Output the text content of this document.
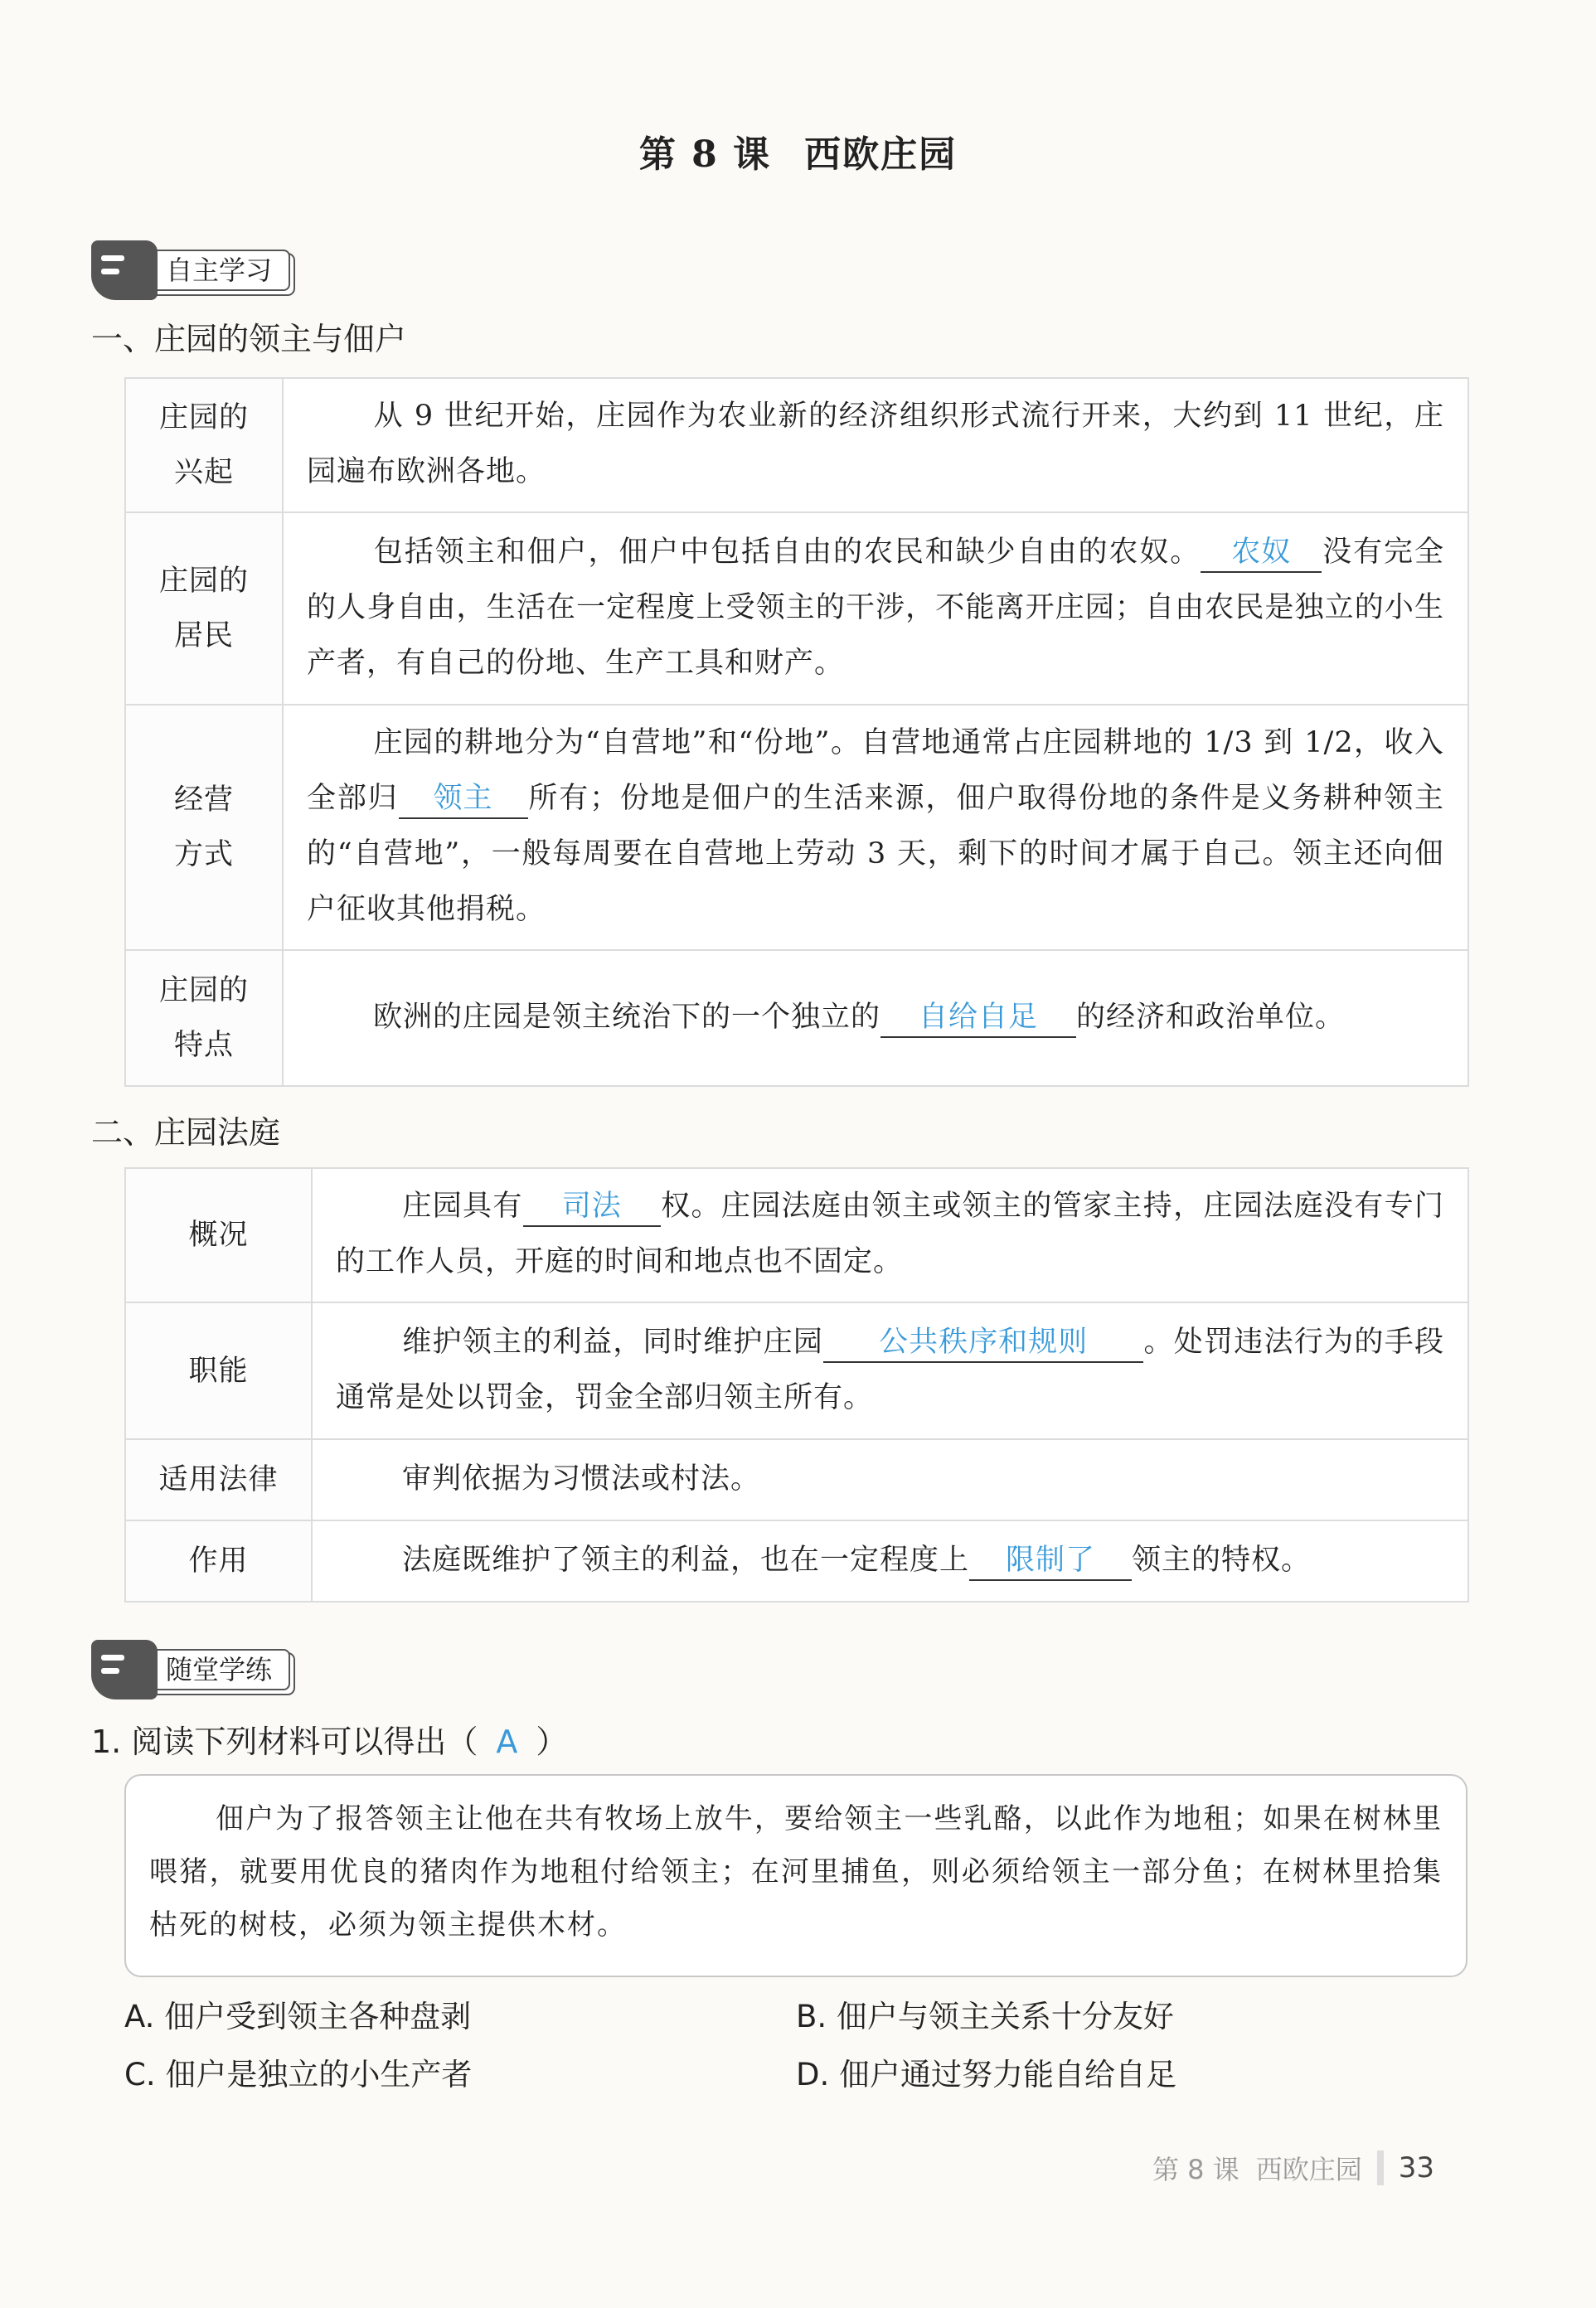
第 8 课 西欧庄园
自主学习
一、庄园的领主与佃户
庄园的
兴起	从 9 世纪开始，庄园作为农业新的经济组织形式流行开来，大约到 11 世纪，庄园遍布欧洲各地。
庄园的
居民	包括领主和佃户，佃户中包括自由的农民和缺少自由的农奴。 农奴 没有完全的人身自由，生活在一定程度上受领主的干涉，不能离开庄园；自由农民是独立的小生产者，有自己的份地、生产工具和财产。
经营
方式	庄园的耕地分为“自营地”和“份地”。自营地通常占庄园耕地的 1/3 到 1/2，收入全部归 领主 所有；份地是佃户的生活来源，佃户取得份地的条件是义务耕种领主的“自营地”，一般每周要在自营地上劳动 3 天，剩下的时间才属于自己。领主还向佃户征收其他捐税。
庄园的
特点	欧洲的庄园是领主统治下的一个独立的 自给自足 的经济和政治单位。
二、庄园法庭
概况	庄园具有 司法 权。庄园法庭由领主或领主的管家主持，庄园法庭没有专门的工作人员，开庭的时间和地点也不固定。
职能	维护领主的利益，同时维护庄园 公共秩序和规则 。处罚违法行为的手段通常是处以罚金，罚金全部归领主所有。
适用法律	审判依据为习惯法或村法。
作用	法庭既维护了领主的利益，也在一定程度上 限制了 领主的特权。
随堂学练
1. 阅读下列材料可以得出（ A ）
佃户为了报答领主让他在共有牧场上放牛，要给领主一些乳酪，以此作为地租；如果在树林里喂猪，就要用优良的猪肉作为地租付给领主；在河里捕鱼，则必须给领主一部分鱼；在树林里拾集枯死的树枝，必须为领主提供木材。
A. 佃户受到领主各种盘剥	B. 佃户与领主关系十分友好
C. 佃户是独立的小生产者	D. 佃户通过努力能自给自足
第 8 课 西欧庄园 33
